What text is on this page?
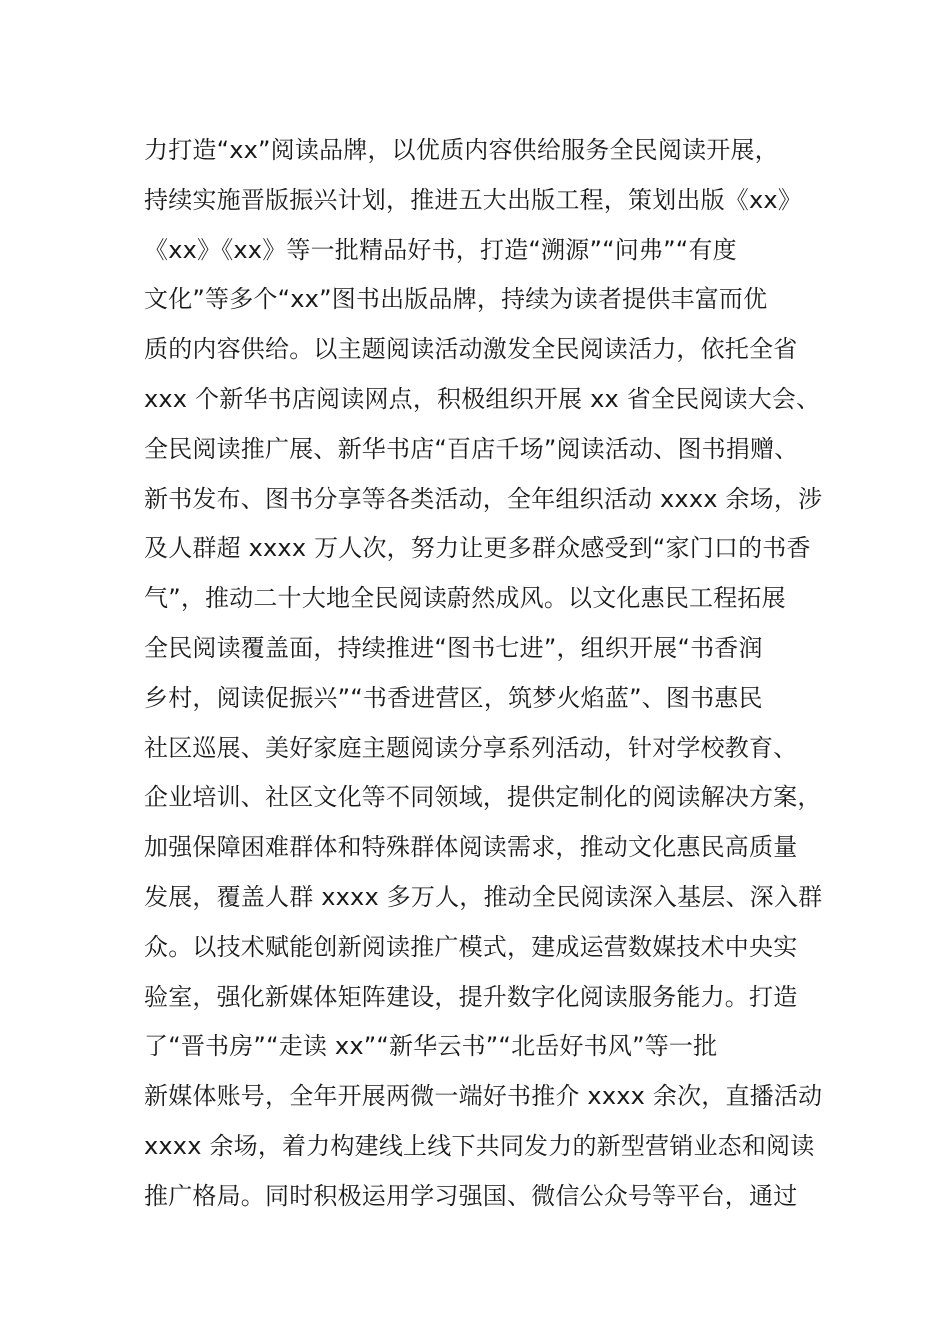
力打造“xx”阅读品牌，以优质内容供给服务全民阅读开展，
持续实施晋版振兴计划，推进五大出版工程，策划出版《xx》
《xx》《xx》等一批精品好书，打造“溯源”“问弗”“有度
文化”等多个“xx”图书出版品牌，持续为读者提供丰富而优
质的内容供给。以主题阅读活动激发全民阅读活力，依托全省
xxx 个新华书店阅读网点，积极组织开展 xx 省全民阅读大会、
全民阅读推广展、新华书店“百店千场”阅读活动、图书捐赠、
新书发布、图书分享等各类活动，全年组织活动 xxxx 余场，涉
及人群超 xxxx 万人次，努力让更多群众感受到“家门口的书香
气”，推动二十大地全民阅读蔚然成风。以文化惠民工程拓展
全民阅读覆盖面，持续推进“图书七进”，组织开展“书香润
乡村，阅读促振兴”“书香进营区，筑梦火焰蓝”、图书惠民
社区巡展、美好家庭主题阅读分享系列活动，针对学校教育、
企业培训、社区文化等不同领域，提供定制化的阅读解决方案，
加强保障困难群体和特殊群体阅读需求，推动文化惠民高质量
发展，覆盖人群 xxxx 多万人，推动全民阅读深入基层、深入群
众。以技术赋能创新阅读推广模式，建成运营数媒技术中央实
验室，强化新媒体矩阵建设，提升数字化阅读服务能力。打造
了“晋书房”“走读 xx”“新华云书”“北岳好书风”等一批
新媒体账号，全年开展两微一端好书推介 xxxx 余次，直播活动
xxxx 余场，着力构建线上线下共同发力的新型营销业态和阅读
推广格局。同时积极运用学习强国、微信公众号等平台，通过
